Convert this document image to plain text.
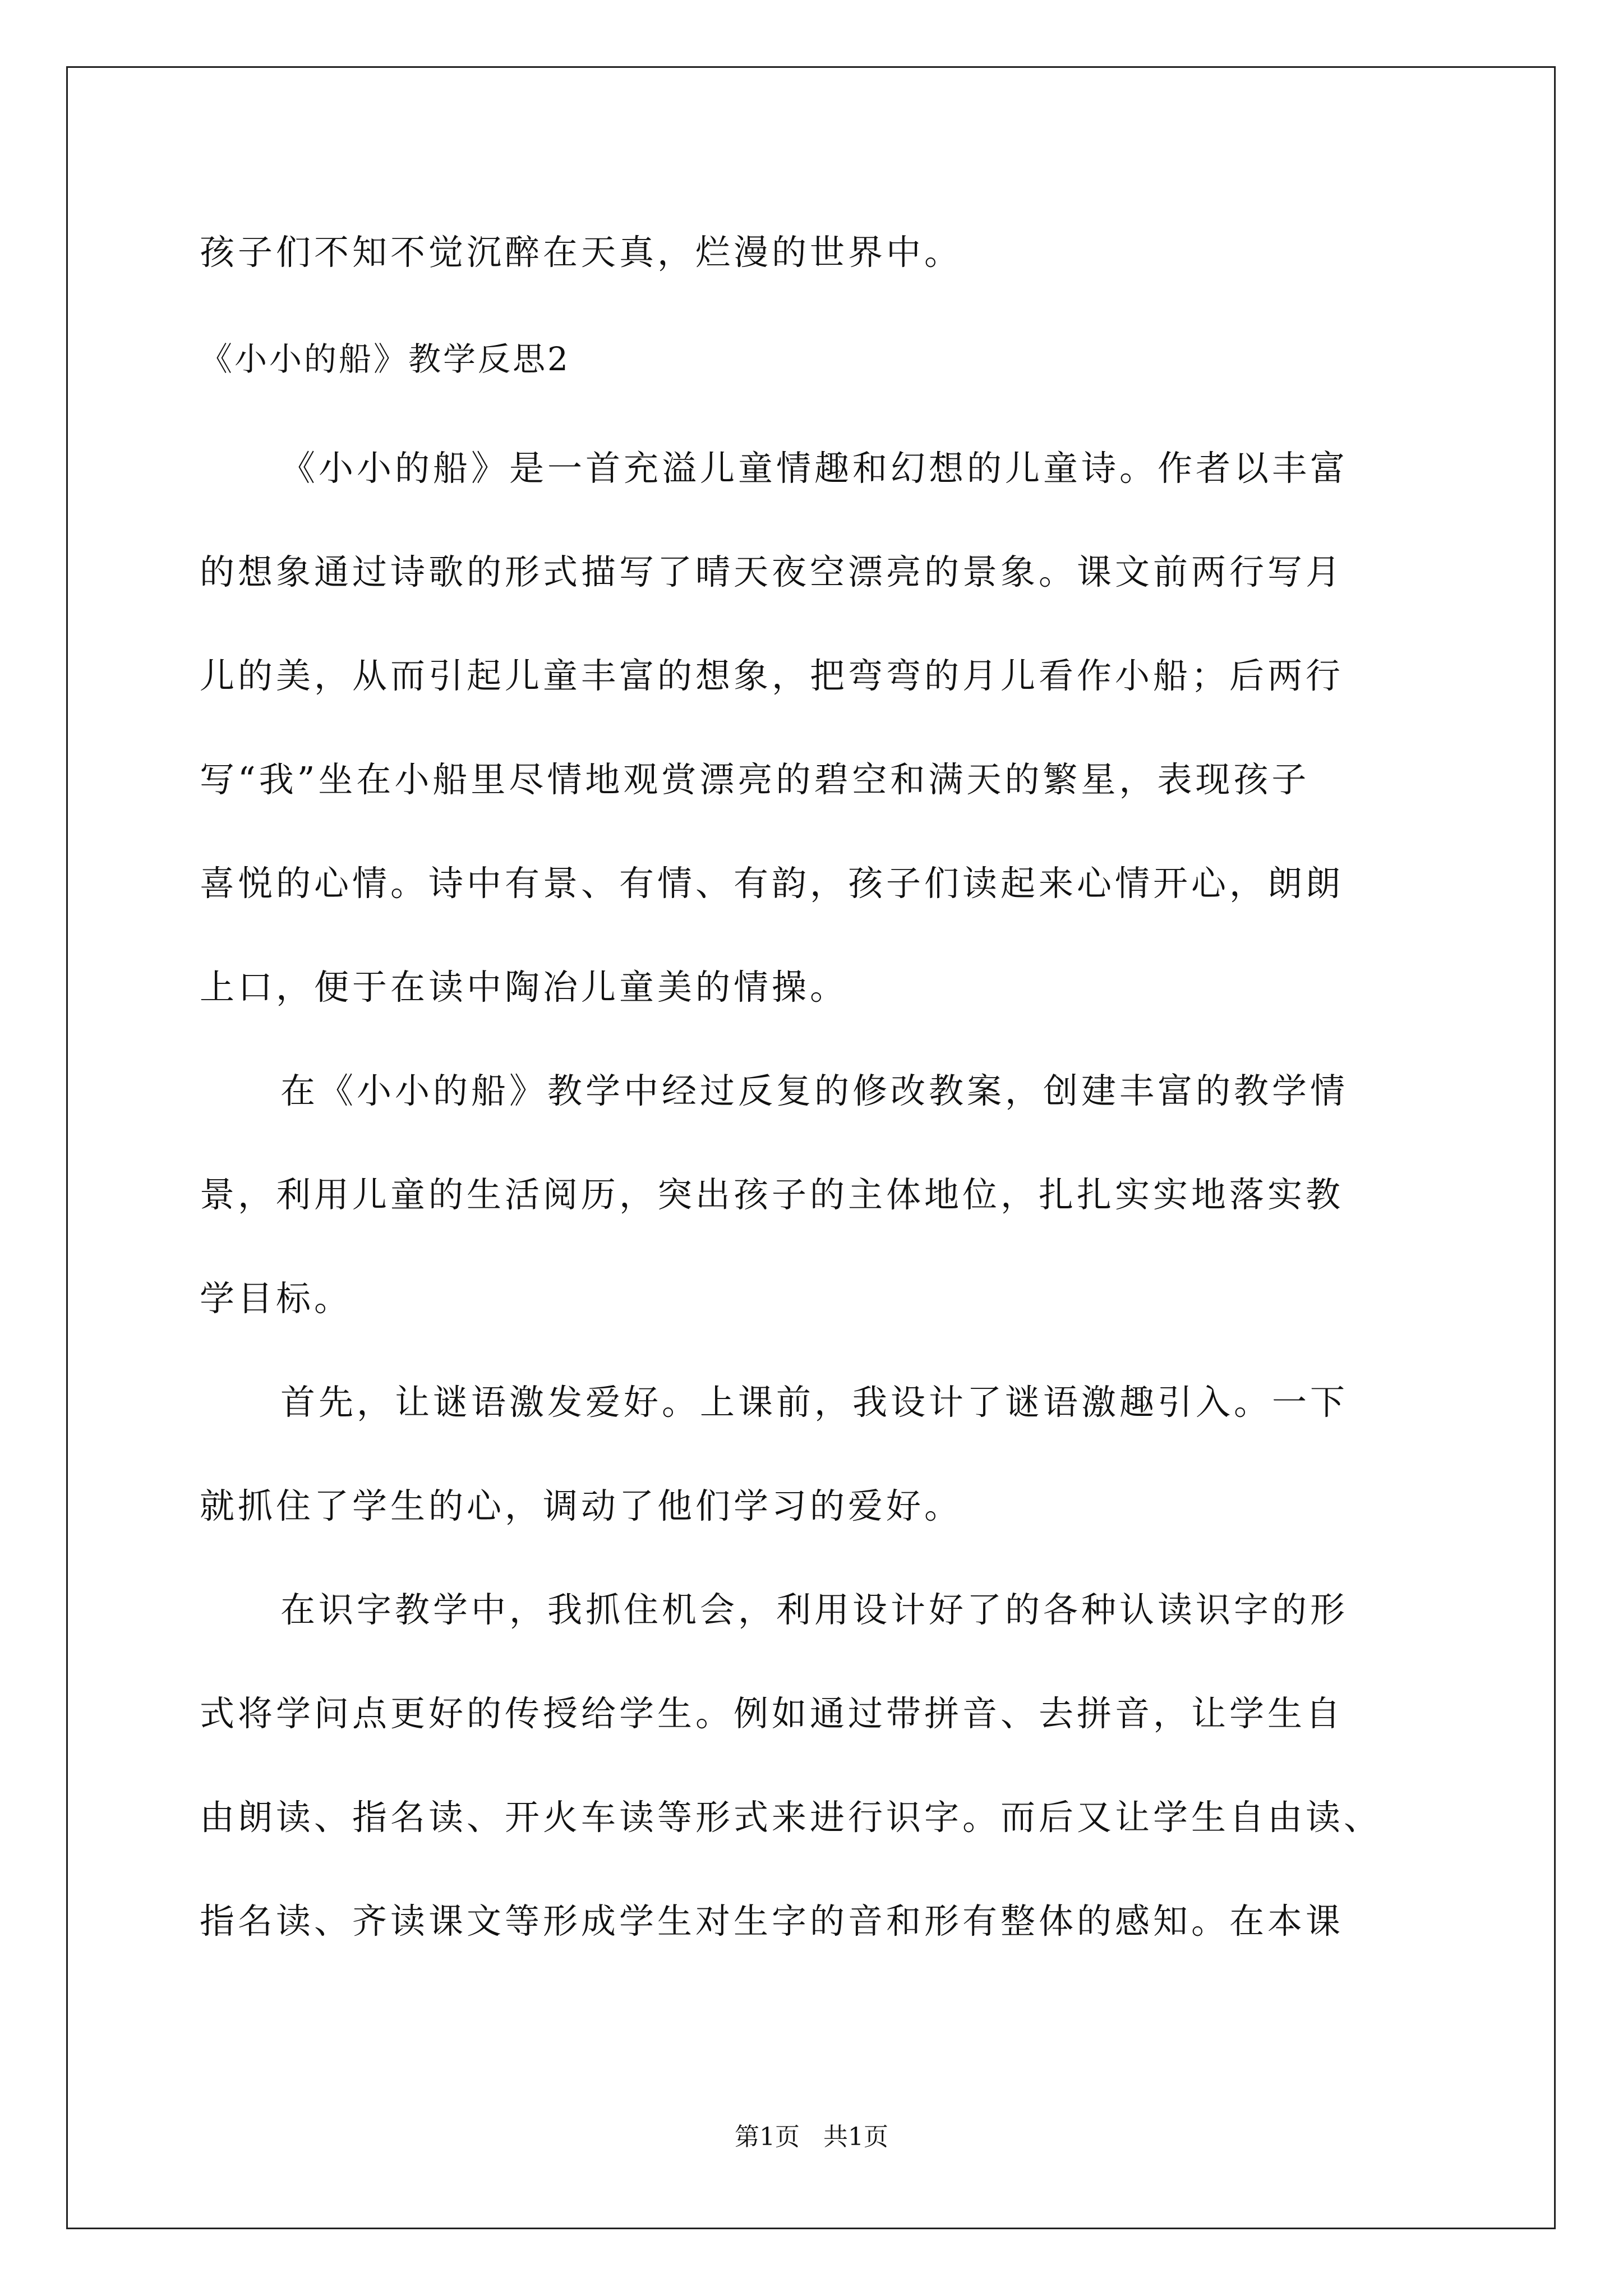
孩子们不知不觉沉醉在天真，烂漫的世界中。
《小小的船》教学反思2
《小小的船》是一首充溢儿童情趣和幻想的儿童诗。作者以丰富
的想象通过诗歌的形式描写了晴天夜空漂亮的景象。课文前两行写月
儿的美，从而引起儿童丰富的想象，把弯弯的月儿看作小船；后两行
写“我”坐在小船里尽情地观赏漂亮的碧空和满天的繁星，表现孩子
喜悦的心情。诗中有景、有情、有韵，孩子们读起来心情开心，朗朗
上口，便于在读中陶冶儿童美的情操。
在《小小的船》教学中经过反复的修改教案，创建丰富的教学情
景，利用儿童的生活阅历，突出孩子的主体地位，扎扎实实地落实教
学目标。
首先，让谜语激发爱好。上课前，我设计了谜语激趣引入。一下
就抓住了学生的心，调动了他们学习的爱好。
在识字教学中，我抓住机会，利用设计好了的各种认读识字的形
式将学问点更好的传授给学生。例如通过带拼音、去拼音，让学生自
由朗读、指名读、开火车读等形式来进行识字。而后又让学生自由读、
指名读、齐读课文等形成学生对生字的音和形有整体的感知。在本课
第1页   共1页
